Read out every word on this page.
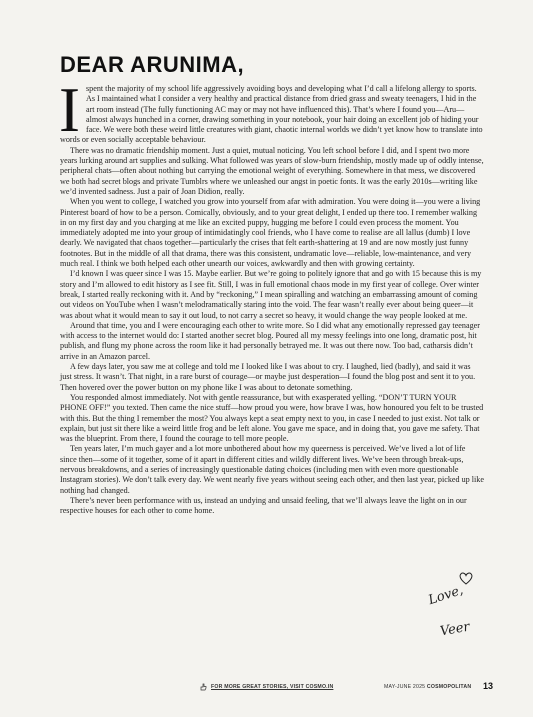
DEAR ARUNIMA,

Ispent the majority of my school life aggressively avoiding boys and developing what I’d call a lifelong allergy to sports. As I maintained what I consider a very healthy and practical distance from dried grass and sweaty teenagers, I hid in the art room instead (The fully functioning AC may or may not have influenced this). That’s where I found you—Aru—almost always hunched in a corner, drawing something in your notebook, your hair doing an excellent job of hiding your face. We were both these weird little creatures with giant, chaotic internal worlds we didn’t yet know how to translate into words or even socially acceptable behaviour.

There was no dramatic friendship moment. Just a quiet, mutual noticing. You left school before I did, and I spent two more years lurking around art supplies and sulking. What followed was years of slow-burn friendship, mostly made up of oddly intense, peripheral chats—often about nothing but carrying the emotional weight of everything. Somewhere in that mess, we discovered we both had secret blogs and private Tumblrs where we unleashed our angst in poetic fonts. It was the early 2010s—writing like we’d invented sadness. Just a pair of Joan Didion, really.

When you went to college, I watched you grow into yourself from afar with admiration. You were doing it—you were a living Pinterest board of how to be a person. Comically, obviously, and to your great delight, I ended up there too. I remember walking in on my first day and you charging at me like an excited puppy, hugging me before I could even process the moment. You immediately adopted me into your group of intimidatingly cool friends, who I have come to realise are all lallus (dumb) I love dearly. We navigated that chaos together—particularly the crises that felt earth-shattering at 19 and are now mostly just funny footnotes. But in the middle of all that drama, there was this consistent, undramatic love—reliable, low-maintenance, and very much real. I think we both helped each other unearth our voices, awkwardly and then with growing certainty.

I’d known I was queer since I was 15. Maybe earlier. But we’re going to politely ignore that and go with 15 because this is my story and I’m allowed to edit history as I see fit. Still, I was in full emotional chaos mode in my first year of college. Over winter break, I started really reckoning with it. And by “reckoning,” I mean spiralling and watching an embarrassing amount of coming out videos on YouTube when I wasn’t melodramatically staring into the void. The fear wasn’t really ever about being queer—it was about what it would mean to say it out loud, to not carry a secret so heavy, it would change the way people looked at me.

Around that time, you and I were encouraging each other to write more. So I did what any emotionally repressed gay teenager with access to the internet would do: I started another secret blog. Poured all my messy feelings into one long, dramatic post, hit publish, and flung my phone across the room like it had personally betrayed me. It was out there now. Too bad, catharsis didn’t arrive in an Amazon parcel.

A few days later, you saw me at college and told me I looked like I was about to cry. I laughed, lied (badly), and said it was just stress. It wasn’t. That night, in a rare burst of courage—or maybe just desperation—I found the blog post and sent it to you. Then hovered over the power button on my phone like I was about to detonate something.

You responded almost immediately. Not with gentle reassurance, but with exasperated yelling. “DON’T TURN YOUR PHONE OFF!” you texted. Then came the nice stuff—how proud you were, how brave I was, how honoured you felt to be trusted with this. But the thing I remember the most? You always kept a seat empty next to you, in case I needed to just exist. Not talk or explain, but just sit there like a weird little frog and be left alone. You gave me space, and in doing that, you gave me safety. That was the blueprint. From there, I found the courage to tell more people.

Ten years later, I’m much gayer and a lot more unbothered about how my queerness is perceived. We’ve lived a lot of life since then—some of it together, some of it apart in different cities and wildly different lives. We’ve been through break-ups, nervous breakdowns, and a series of increasingly questionable dating choices (including men with even more questionable Instagram stories). We don’t talk every day. We went nearly five years without seeing each other, and then last year, picked up like nothing had changed.

There’s never been performance with us, instead an undying and unsaid feeling, that we’ll always leave the light on in our respective houses for each other to come home.

Love,
Veer
FOR MORE GREAT STORIES, VISIT COSMO.IN	MAY-JUNE 2025 COSMOPOLITAN 13
